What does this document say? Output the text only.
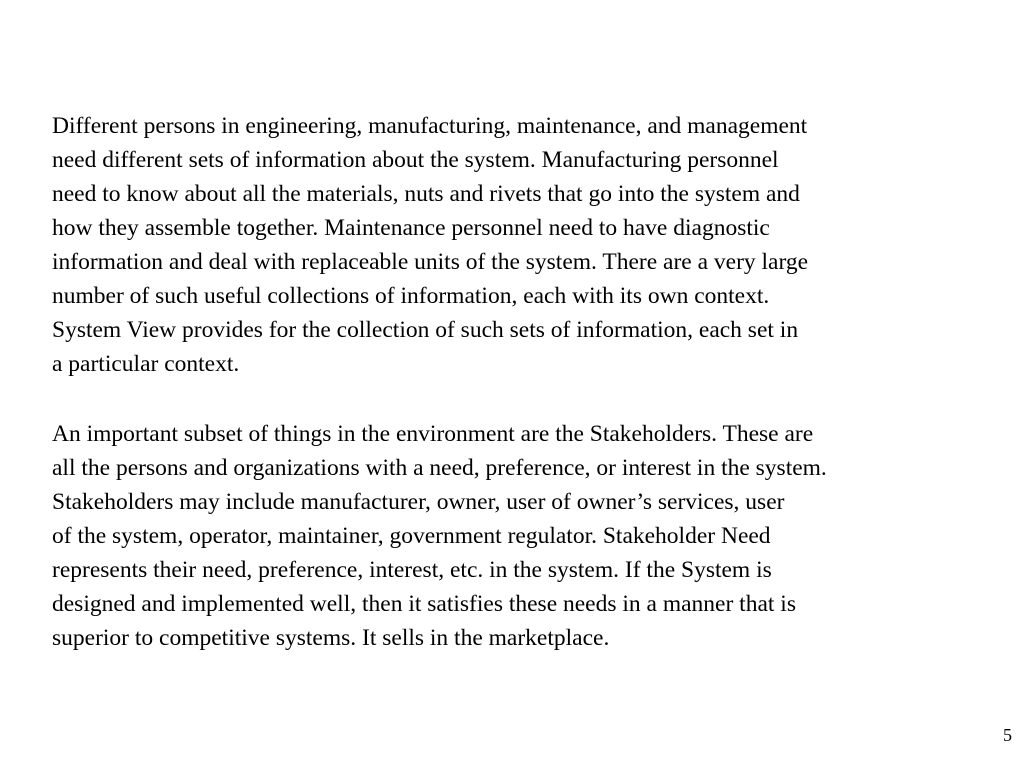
Different persons in engineering, manufacturing, maintenance, and management
need different sets of information about the system. Manufacturing personnel
need to know about all the materials, nuts and rivets that go into the system and
how they assemble together. Maintenance personnel need to have diagnostic
information and deal with replaceable units of the system. There are a very large
number of such useful collections of information, each with its own context.
System View provides for the collection of such sets of information, each set in
a particular context.

An important subset of things in the environment are the Stakeholders. These are
all the persons and organizations with a need, preference, or interest in the system.
Stakeholders may include manufacturer, owner, user of owner’s services, user
of the system, operator, maintainer, government regulator. Stakeholder Need
represents their need, preference, interest, etc. in the system. If the System is
designed and implemented well, then it satisfies these needs in a manner that is
superior to competitive systems. It sells in the marketplace.

5
